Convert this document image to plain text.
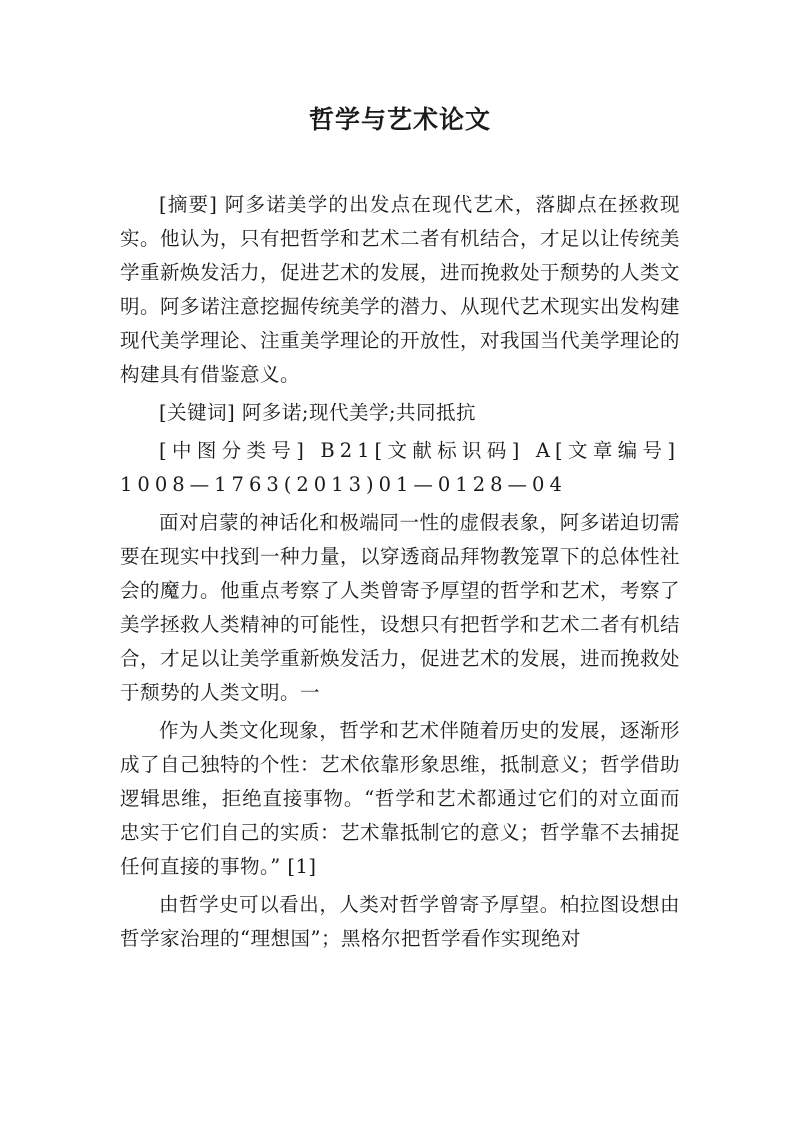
哲学与艺术论文

[摘要] 阿多诺美学的出发点在现代艺术，落脚点在拯救现实。他认为，只有把哲学和艺术二者有机结合，才足以让传统美学重新焕发活力，促进艺术的发展，进而挽救处于颓势的人类文明。阿多诺注意挖掘传统美学的潜力、从现代艺术现实出发构建现代美学理论、注重美学理论的开放性，对我国当代美学理论的构建具有借鉴意义。

[关键词] 阿多诺;现代美学;共同抵抗

[中图分类号] B21[文献标识码] A[文章编号]1008—1763(2013)01—0128—04

面对启蒙的神话化和极端同一性的虚假表象，阿多诺迫切需要在现实中找到一种力量，以穿透商品拜物教笼罩下的总体性社会的魔力。他重点考察了人类曾寄予厚望的哲学和艺术，考察了美学拯救人类精神的可能性，设想只有把哲学和艺术二者有机结合，才足以让美学重新焕发活力，促进艺术的发展，进而挽救处于颓势的人类文明。一

作为人类文化现象，哲学和艺术伴随着历史的发展，逐渐形成了自己独特的个性：艺术依靠形象思维，抵制意义；哲学借助逻辑思维，拒绝直接事物。“哲学和艺术都通过它们的对立面而忠实于它们自己的实质：艺术靠抵制它的意义；哲学靠不去捕捉任何直接的事物。” [1]

由哲学史可以看出，人类对哲学曾寄予厚望。柏拉图设想由哲学家治理的“理想国”；黑格尔把哲学看作实现绝对
